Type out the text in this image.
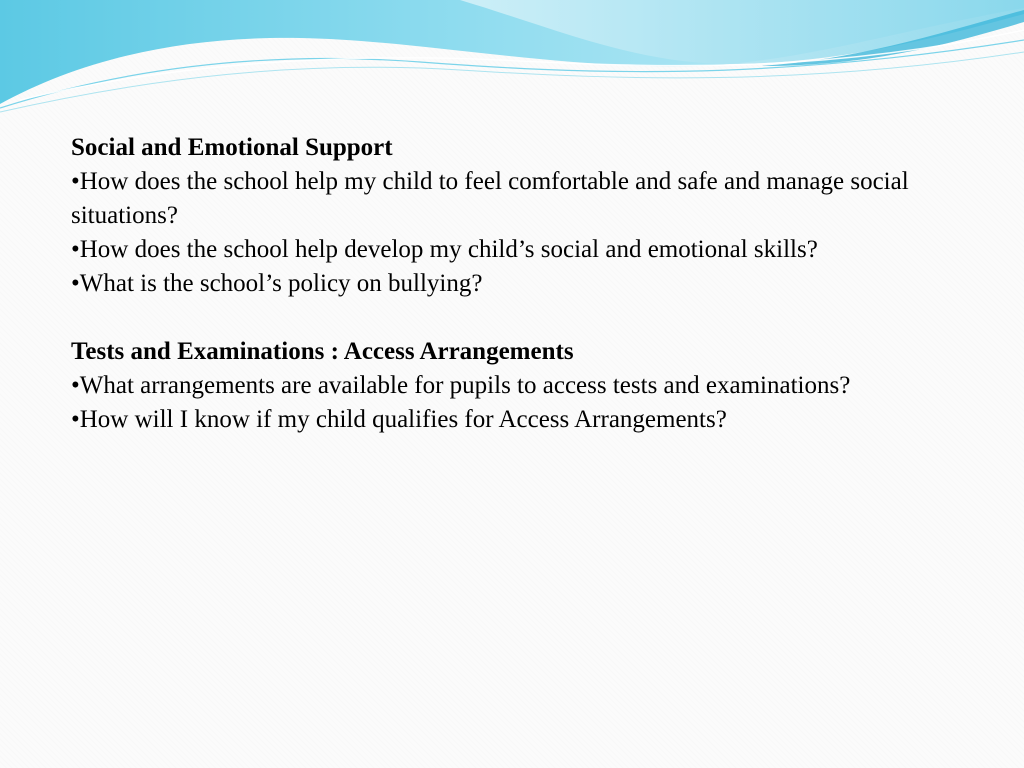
Social and Emotional Support

•How does the school help my child to feel comfortable and safe and manage social situations?

•How does the school help develop my child’s social and emotional skills?

•What is the school’s policy on bullying?

Tests and Examinations : Access Arrangements

•What arrangements are available for pupils to access tests and examinations?

•How will I know if my child qualifies for Access Arrangements?
